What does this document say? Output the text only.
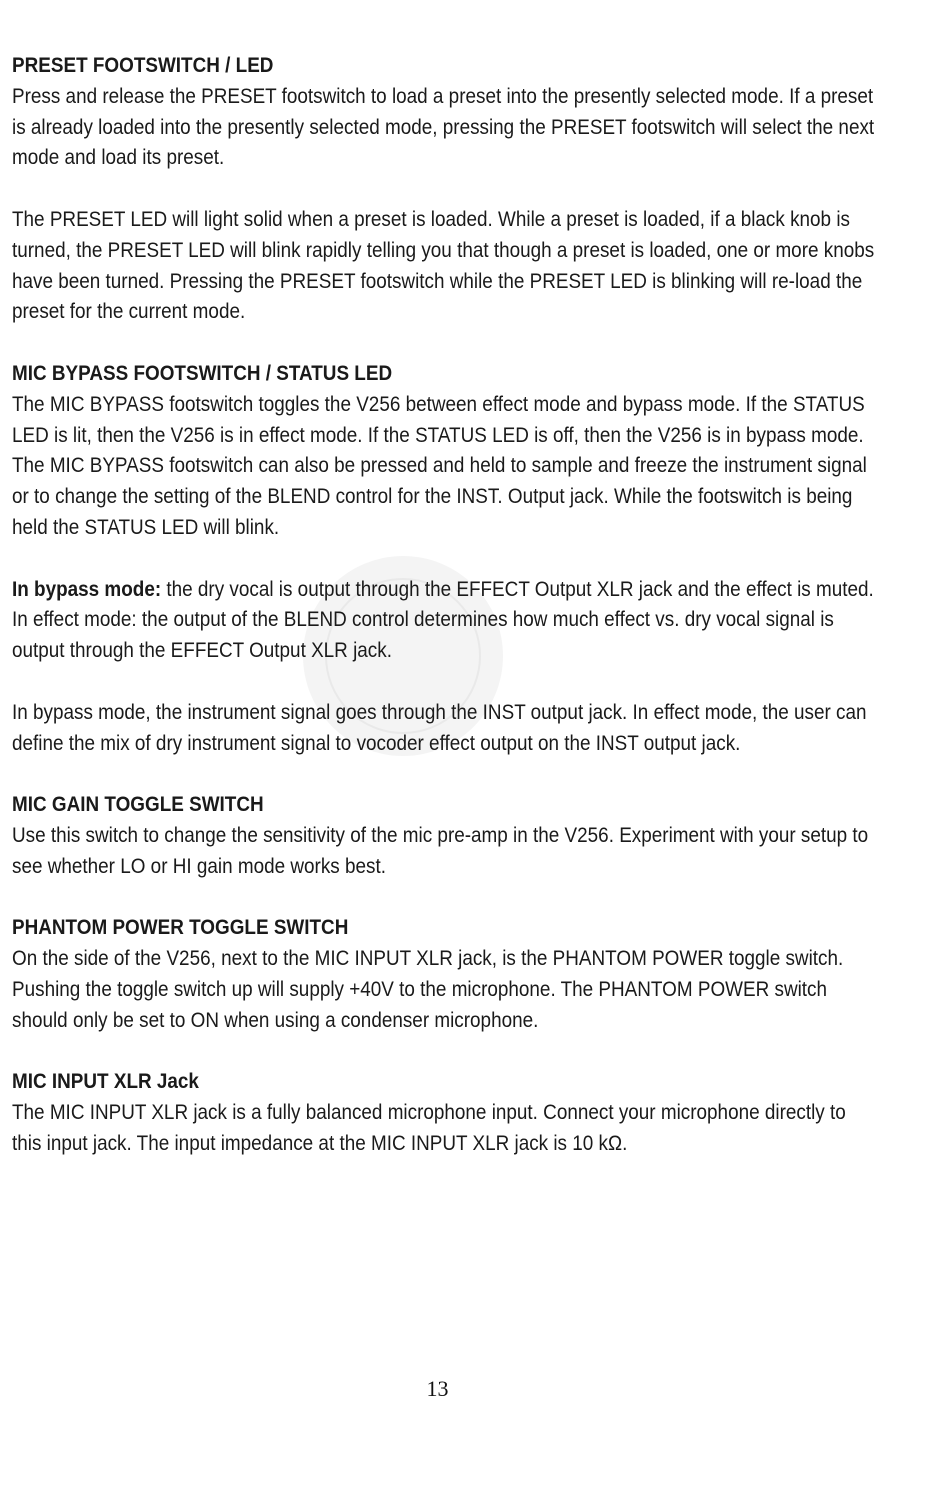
PRESET FOOTSWITCH / LED

Press and release the PRESET footswitch to load a preset into the presently selected mode. If a preset is already loaded into the presently selected mode, pressing the PRESET footswitch will select the next mode and load its preset.

The PRESET LED will light solid when a preset is loaded. While a preset is loaded, if a black knob is turned, the PRESET LED will blink rapidly telling you that though a preset is loaded, one or more knobs have been turned. Pressing the PRESET footswitch while the PRESET LED is blinking will re-load the preset for the current mode.

MIC BYPASS FOOTSWITCH / STATUS LED

The MIC BYPASS footswitch toggles the V256 between effect mode and bypass mode. If the STATUS LED is lit, then the V256 is in effect mode. If the STATUS LED is off, then the V256 is in bypass mode. The MIC BYPASS footswitch can also be pressed and held to sample and freeze the instrument signal or to change the setting of the BLEND control for the INST. Output jack. While the footswitch is being held the STATUS LED will blink.

In bypass mode: the dry vocal is output through the EFFECT Output XLR jack and the effect is muted. In effect mode: the output of the BLEND control determines how much effect vs. dry vocal signal is output through the EFFECT Output XLR jack.

In bypass mode, the instrument signal goes through the INST output jack. In effect mode, the user can define the mix of dry instrument signal to vocoder effect output on the INST output jack.

MIC GAIN TOGGLE SWITCH

Use this switch to change the sensitivity of the mic pre-amp in the V256. Experiment with your setup to see whether LO or HI gain mode works best.

PHANTOM POWER TOGGLE SWITCH

On the side of the V256, next to the MIC INPUT XLR jack, is the PHANTOM POWER toggle switch. Pushing the toggle switch up will supply +40V to the microphone. The PHANTOM POWER switch should only be set to ON when using a condenser microphone.

MIC INPUT XLR Jack

The MIC INPUT XLR jack is a fully balanced microphone input. Connect your microphone directly to this input jack. The input impedance at the MIC INPUT XLR jack is 10 kΩ.

13
